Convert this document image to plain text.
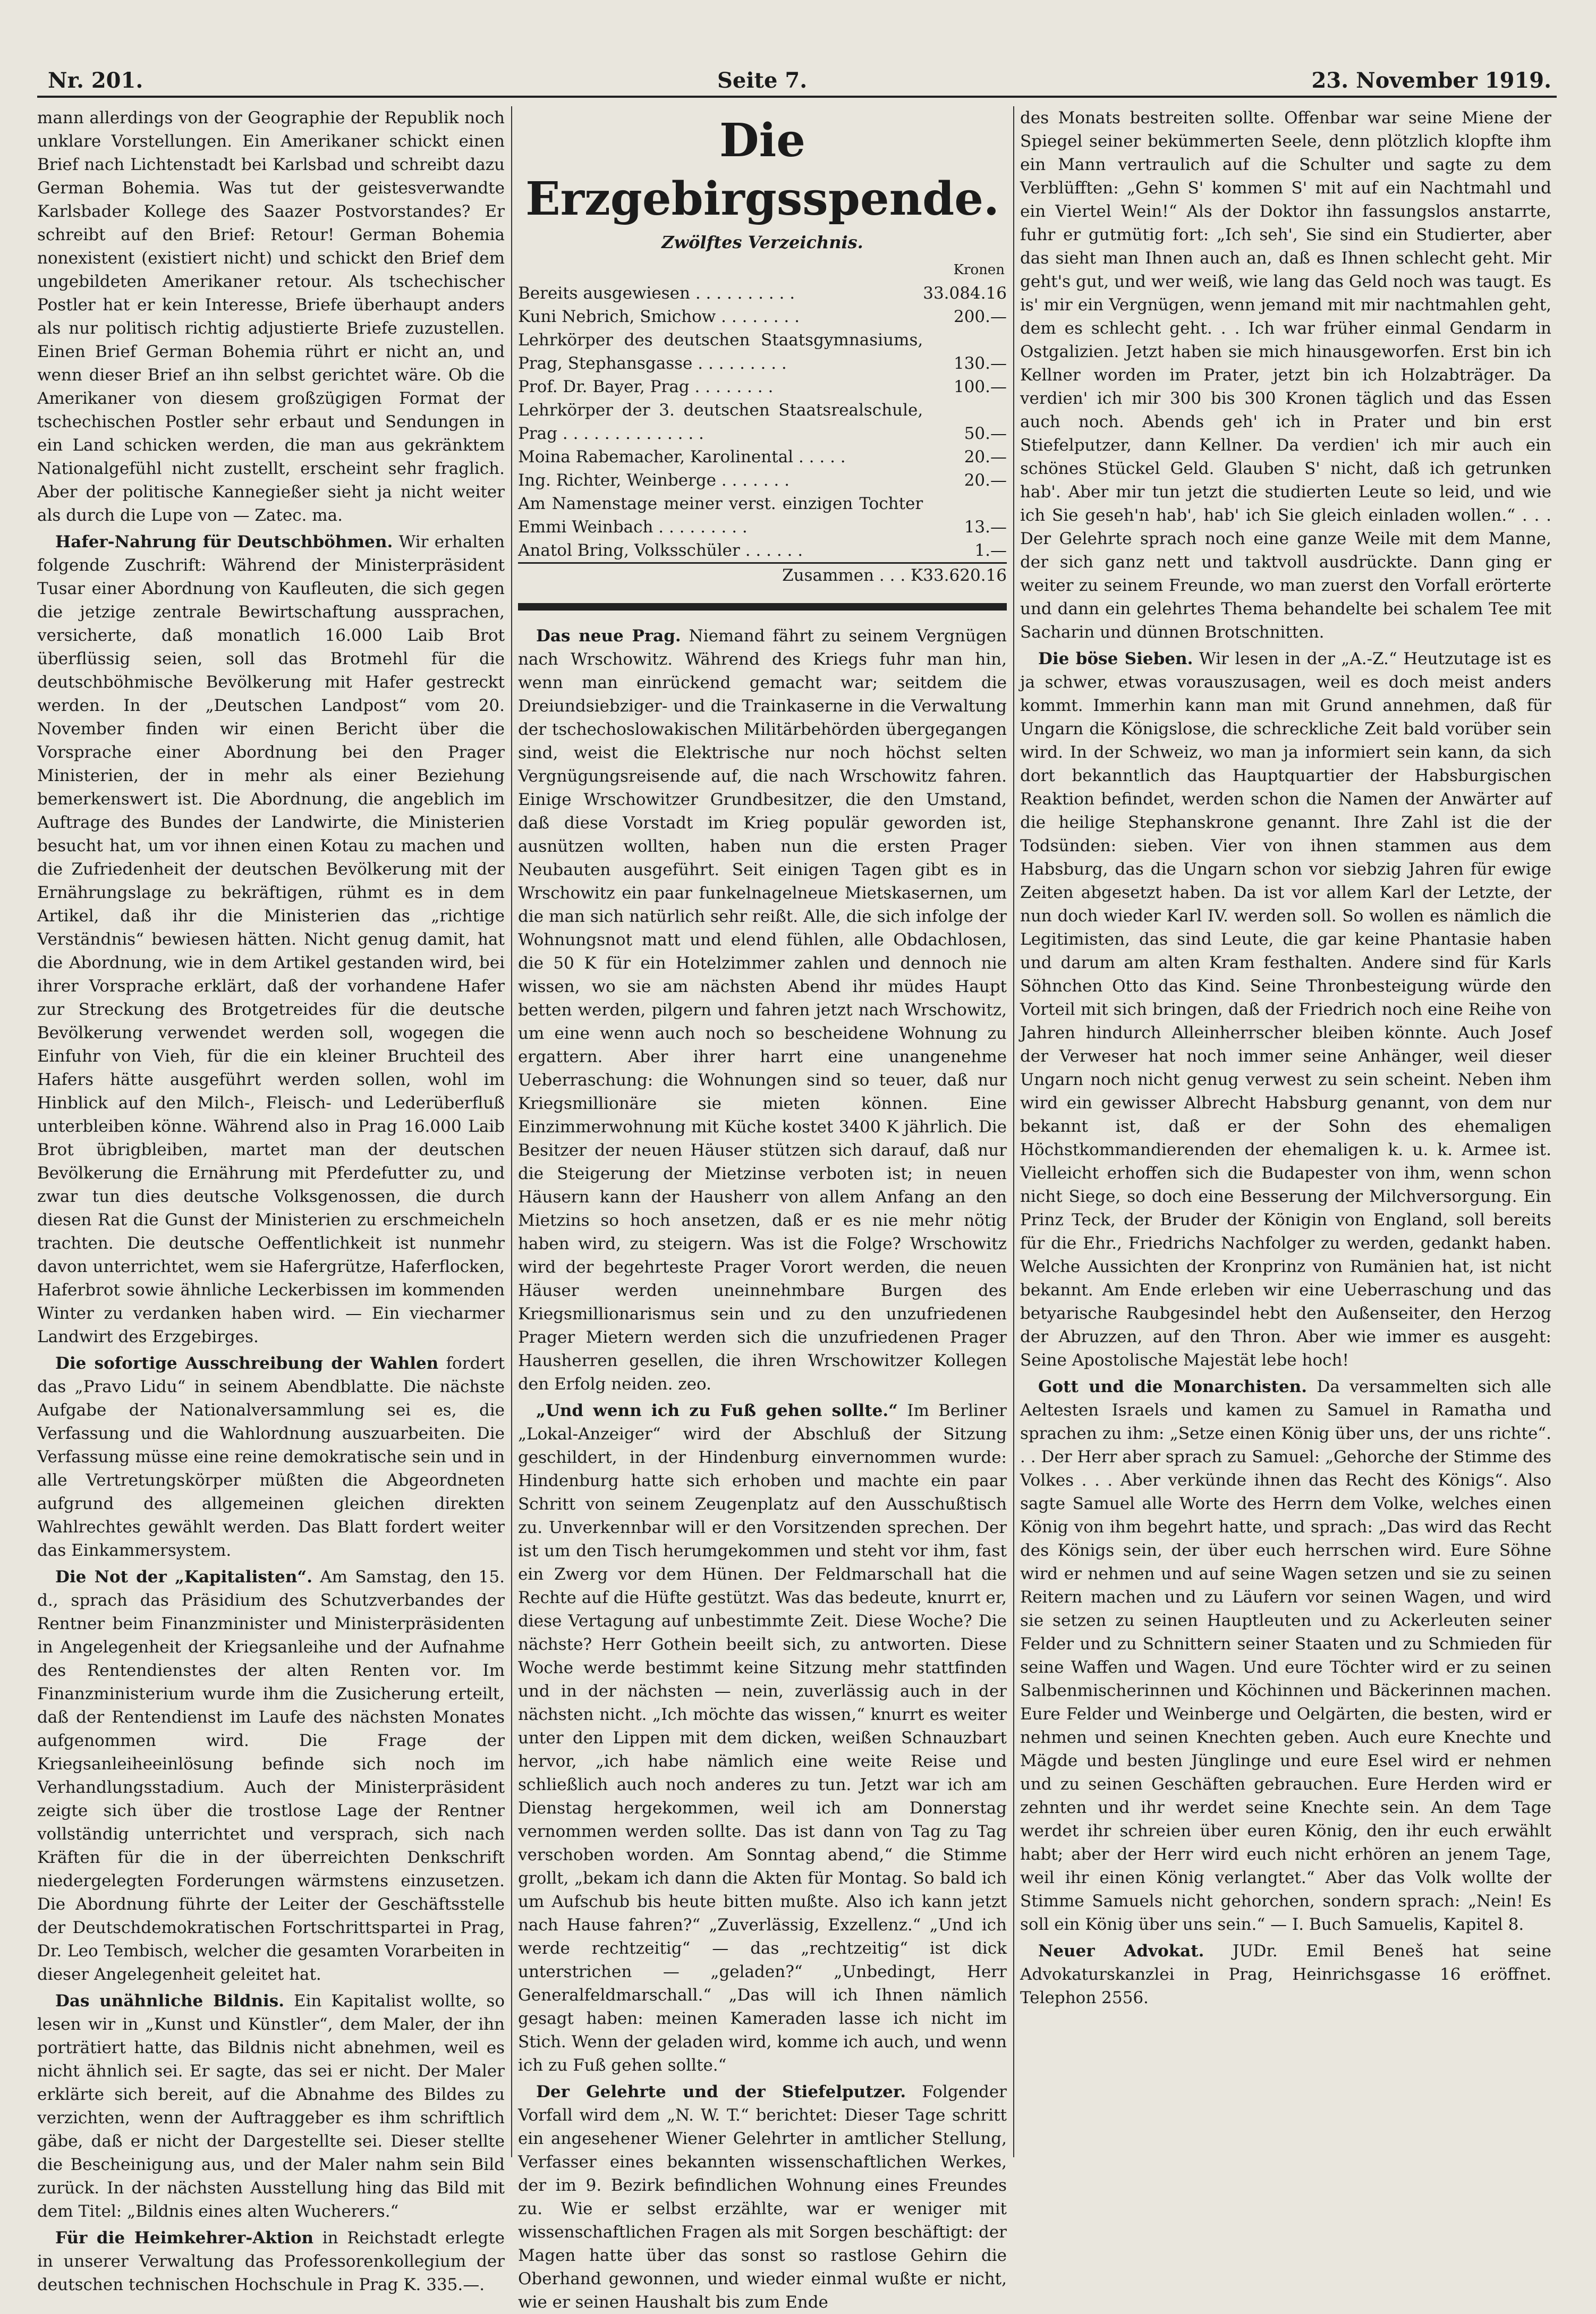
Nr. 201.	Seite 7.	23. November 1919.

mann allerdings von der Geographie der Republik noch unklare Vorstellungen. Ein Amerikaner schickt einen Brief nach Lichtenstadt bei Karlsbad und schreibt dazu German Bohemia. Was tut der geistesverwandte Karlsbader Kollege des Saazer Postvorstandes? Er schreibt auf den Brief: Retour! German Bohemia nonexistent (existiert nicht) und schickt den Brief dem ungebildeten Amerikaner retour. Als tschechischer Postler hat er kein Interesse, Briefe überhaupt anders als nur politisch richtig adjustierte Briefe zuzustellen. Einen Brief German Bohemia rührt er nicht an, und wenn dieser Brief an ihn selbst gerichtet wäre. Ob die Amerikaner von diesem großzügigen Format der tschechischen Postler sehr erbaut und Sendungen in ein Land schicken werden, die man aus gekränktem Nationalgefühl nicht zustellt, erscheint sehr fraglich. Aber der politische Kannegießer sieht ja nicht weiter als durch die Lupe von — Zatec. ma.

Hafer-Nahrung für Deutschböhmen. Wir erhalten folgende Zuschrift: Während der Ministerpräsident Tusar einer Abordnung von Kaufleuten, die sich gegen die jetzige zentrale Bewirtschaftung aussprachen, versicherte, daß monatlich 16.000 Laib Brot überflüssig seien, soll das Brotmehl für die deutschböhmische Bevölkerung mit Hafer gestreckt werden. In der „Deutschen Landpost“ vom 20. November finden wir einen Bericht über die Vorsprache einer Abordnung bei den Prager Ministerien, der in mehr als einer Beziehung bemerkenswert ist. Die Abordnung, die angeblich im Auftrage des Bundes der Landwirte, die Ministerien besucht hat, um vor ihnen einen Kotau zu machen und die Zufriedenheit der deutschen Bevölkerung mit der Ernährungslage zu bekräftigen, rühmt es in dem Artikel, daß ihr die Ministerien das „richtige Verständnis“ bewiesen hätten. Nicht genug damit, hat die Abordnung, wie in dem Artikel gestanden wird, bei ihrer Vorsprache erklärt, daß der vorhandene Hafer zur Streckung des Brotgetreides für die deutsche Bevölkerung verwendet werden soll, wogegen die Einfuhr von Vieh, für die ein kleiner Bruchteil des Hafers hätte ausgeführt werden sollen, wohl im Hinblick auf den Milch-, Fleisch- und Lederüberfluß unterbleiben könne. Während also in Prag 16.000 Laib Brot übrigbleiben, martet man der deutschen Bevölkerung die Ernährung mit Pferdefutter zu, und zwar tun dies deutsche Volksgenossen, die durch diesen Rat die Gunst der Ministerien zu erschmeicheln trachten. Die deutsche Oeffentlichkeit ist nunmehr davon unterrichtet, wem sie Hafergrütze, Haferflocken, Haferbrot sowie ähnliche Leckerbissen im kommenden Winter zu verdanken haben wird. — Ein viecharmer Landwirt des Erzgebirges.

Die sofortige Ausschreibung der Wahlen fordert das „Pravo Lidu“ in seinem Abendblatte. Die nächste Aufgabe der Nationalversammlung sei es, die Verfassung und die Wahlordnung auszuarbeiten. Die Verfassung müsse eine reine demokratische sein und in alle Vertretungskörper müßten die Abgeordneten aufgrund des allgemeinen gleichen direkten Wahlrechtes gewählt werden. Das Blatt fordert weiter das Einkammersystem.

Die Not der „Kapitalisten“. Am Samstag, den 15. d., sprach das Präsidium des Schutzverbandes der Rentner beim Finanzminister und Ministerpräsidenten in Angelegenheit der Kriegsanleihe und der Aufnahme des Rentendienstes der alten Renten vor. Im Finanzministerium wurde ihm die Zusicherung erteilt, daß der Rentendienst im Laufe des nächsten Monates aufgenommen wird. Die Frage der Kriegsanleiheeinlösung befinde sich noch im Verhandlungsstadium. Auch der Ministerpräsident zeigte sich über die trostlose Lage der Rentner vollständig unterrichtet und versprach, sich nach Kräften für die in der überreichten Denkschrift niedergelegten Forderungen wärmstens einzusetzen. Die Abordnung führte der Leiter der Geschäftsstelle der Deutschdemokratischen Fortschrittspartei in Prag, Dr. Leo Tembisch, welcher die gesamten Vorarbeiten in dieser Angelegenheit geleitet hat.

Das unähnliche Bildnis. Ein Kapitalist wollte, so lesen wir in „Kunst und Künstler“, dem Maler, der ihn porträtiert hatte, das Bildnis nicht abnehmen, weil es nicht ähnlich sei. Er sagte, das sei er nicht. Der Maler erklärte sich bereit, auf die Abnahme des Bildes zu verzichten, wenn der Auftraggeber es ihm schriftlich gäbe, daß er nicht der Dargestellte sei. Dieser stellte die Bescheinigung aus, und der Maler nahm sein Bild zurück. In der nächsten Ausstellung hing das Bild mit dem Titel: „Bildnis eines alten Wucherers.“

Für die Heimkehrer-Aktion in Reichstadt erlegte in unserer Verwaltung das Professorenkollegium der deutschen technischen Hochschule in Prag K. 335.—.

Die Erzgebirgsspende.
Zwölftes Verzeichnis.
Kronen
Bereits ausgewiesen . . . . . . . . . .	33.084.16
Kuni Nebrich, Smichow . . . . . . . .	200.—
Lehrkörper des deutschen Staatsgymnasiums, Prag, Stephansgasse . . . . . . . . .	130.—
Prof. Dr. Bayer, Prag . . . . . . . .	100.—
Lehrkörper der 3. deutschen Staatsrealschule, Prag . . . . . . . . . . . . . .	50.—
Moina Rabemacher, Karolinental . . . . .	20.—
Ing. Richter, Weinberge . . . . . . .	20.—
Am Namenstage meiner verst. einzigen Tochter Emmi Weinbach . . . . . . . . .	13.—
Anatol Bring, Volksschüler . . . . . .	1.—
Zusammen . . . K	33.620.16

Das neue Prag. Niemand fährt zu seinem Vergnügen nach Wrschowitz. Während des Kriegs fuhr man hin, wenn man einrückend gemacht war; seitdem die Dreiundsiebziger- und die Trainkaserne in die Verwaltung der tschechoslowakischen Militärbehörden übergegangen sind, weist die Elektrische nur noch höchst selten Vergnügungsreisende auf, die nach Wrschowitz fahren. Einige Wrschowitzer Grundbesitzer, die den Umstand, daß diese Vorstadt im Krieg populär geworden ist, ausnützen wollten, haben nun die ersten Prager Neubauten ausgeführt. Seit einigen Tagen gibt es in Wrschowitz ein paar funkelnagelneue Mietskasernen, um die man sich natürlich sehr reißt. Alle, die sich infolge der Wohnungsnot matt und elend fühlen, alle Obdachlosen, die 50 K für ein Hotelzimmer zahlen und dennoch nie wissen, wo sie am nächsten Abend ihr müdes Haupt betten werden, pilgern und fahren jetzt nach Wrschowitz, um eine wenn auch noch so bescheidene Wohnung zu ergattern. Aber ihrer harrt eine unangenehme Ueberraschung: die Wohnungen sind so teuer, daß nur Kriegsmillionäre sie mieten können. Eine Einzimmerwohnung mit Küche kostet 3400 K jährlich. Die Besitzer der neuen Häuser stützen sich darauf, daß nur die Steigerung der Mietzinse verboten ist; in neuen Häusern kann der Hausherr von allem Anfang an den Mietzins so hoch ansetzen, daß er es nie mehr nötig haben wird, zu steigern. Was ist die Folge? Wrschowitz wird der begehrteste Prager Vorort werden, die neuen Häuser werden uneinnehmbare Burgen des Kriegsmillionarismus sein und zu den unzufriedenen Prager Mietern werden sich die unzufriedenen Prager Hausherren gesellen, die ihren Wrschowitzer Kollegen den Erfolg neiden. zeo.

„Und wenn ich zu Fuß gehen sollte.“ Im Berliner „Lokal-Anzeiger“ wird der Abschluß der Sitzung geschildert, in der Hindenburg einvernommen wurde: Hindenburg hatte sich erhoben und machte ein paar Schritt von seinem Zeugenplatz auf den Ausschußtisch zu. Unverkennbar will er den Vorsitzenden sprechen. Der ist um den Tisch herumgekommen und steht vor ihm, fast ein Zwerg vor dem Hünen. Der Feldmarschall hat die Rechte auf die Hüfte gestützt. Was das bedeute, knurrt er, diese Vertagung auf unbestimmte Zeit. Diese Woche? Die nächste? Herr Gothein beeilt sich, zu antworten. Diese Woche werde bestimmt keine Sitzung mehr stattfinden und in der nächsten — nein, zuverlässig auch in der nächsten nicht. „Ich möchte das wissen,“ knurrt es weiter unter den Lippen mit dem dicken, weißen Schnauzbart hervor, „ich habe nämlich eine weite Reise und schließlich auch noch anderes zu tun. Jetzt war ich am Dienstag hergekommen, weil ich am Donnerstag vernommen werden sollte. Das ist dann von Tag zu Tag verschoben worden. Am Sonntag abend,“ die Stimme grollt, „bekam ich dann die Akten für Montag. So bald ich um Aufschub bis heute bitten mußte. Also ich kann jetzt nach Hause fahren?“ „Zuverlässig, Exzellenz.“ „Und ich werde rechtzeitig“ — das „rechtzeitig“ ist dick unterstrichen — „geladen?“ „Unbedingt, Herr Generalfeldmarschall.“ „Das will ich Ihnen nämlich gesagt haben: meinen Kameraden lasse ich nicht im Stich. Wenn der geladen wird, komme ich auch, und wenn ich zu Fuß gehen sollte.“

Der Gelehrte und der Stiefelputzer. Folgender Vorfall wird dem „N. W. T.“ berichtet: Dieser Tage schritt ein angesehener Wiener Gelehrter in amtlicher Stellung, Verfasser eines bekannten wissenschaftlichen Werkes, der im 9. Bezirk befindlichen Wohnung eines Freundes zu. Wie er selbst erzählte, war er weniger mit wissenschaftlichen Fragen als mit Sorgen beschäftigt: der Magen hatte über das sonst so rastlose Gehirn die Oberhand gewonnen, und wieder einmal wußte er nicht, wie er seinen Haushalt bis zum Ende

des Monats bestreiten sollte. Offenbar war seine Miene der Spiegel seiner bekümmerten Seele, denn plötzlich klopfte ihm ein Mann vertraulich auf die Schulter und sagte zu dem Verblüfften: „Gehn S' kommen S' mit auf ein Nachtmahl und ein Viertel Wein!“ Als der Doktor ihn fassungslos anstarrte, fuhr er gutmütig fort: „Ich seh', Sie sind ein Studierter, aber das sieht man Ihnen auch an, daß es Ihnen schlecht geht. Mir geht's gut, und wer weiß, wie lang das Geld noch was taugt. Es is' mir ein Vergnügen, wenn jemand mit mir nachtmahlen geht, dem es schlecht geht. . . Ich war früher einmal Gendarm in Ostgalizien. Jetzt haben sie mich hinausgeworfen. Erst bin ich Kellner worden im Prater, jetzt bin ich Holzabträger. Da verdien' ich mir 300 bis 300 Kronen täglich und das Essen auch noch. Abends geh' ich in Prater und bin erst Stiefelputzer, dann Kellner. Da verdien' ich mir auch ein schönes Stückel Geld. Glauben S' nicht, daß ich getrunken hab'. Aber mir tun jetzt die studierten Leute so leid, und wie ich Sie geseh'n hab', hab' ich Sie gleich einladen wollen.“ . . . Der Gelehrte sprach noch eine ganze Weile mit dem Manne, der sich ganz nett und taktvoll ausdrückte. Dann ging er weiter zu seinem Freunde, wo man zuerst den Vorfall erörterte und dann ein gelehrtes Thema behandelte bei schalem Tee mit Sacharin und dünnen Brotschnitten.

Die böse Sieben. Wir lesen in der „A.-Z.“ Heutzutage ist es ja schwer, etwas vorauszusagen, weil es doch meist anders kommt. Immerhin kann man mit Grund annehmen, daß für Ungarn die Königslose, die schreckliche Zeit bald vorüber sein wird. In der Schweiz, wo man ja informiert sein kann, da sich dort bekanntlich das Hauptquartier der Habsburgischen Reaktion befindet, werden schon die Namen der Anwärter auf die heilige Stephanskrone genannt. Ihre Zahl ist die der Todsünden: sieben. Vier von ihnen stammen aus dem Habsburg, das die Ungarn schon vor siebzig Jahren für ewige Zeiten abgesetzt haben. Da ist vor allem Karl der Letzte, der nun doch wieder Karl IV. werden soll. So wollen es nämlich die Legitimisten, das sind Leute, die gar keine Phantasie haben und darum am alten Kram festhalten. Andere sind für Karls Söhnchen Otto das Kind. Seine Thronbesteigung würde den Vorteil mit sich bringen, daß der Friedrich noch eine Reihe von Jahren hindurch Alleinherrscher bleiben könnte. Auch Josef der Verweser hat noch immer seine Anhänger, weil dieser Ungarn noch nicht genug verwest zu sein scheint. Neben ihm wird ein gewisser Albrecht Habsburg genannt, von dem nur bekannt ist, daß er der Sohn des ehemaligen Höchstkommandierenden der ehemaligen k. u. k. Armee ist. Vielleicht erhoffen sich die Budapester von ihm, wenn schon nicht Siege, so doch eine Besserung der Milchversorgung. Ein Prinz Teck, der Bruder der Königin von England, soll bereits für die Ehr., Friedrichs Nachfolger zu werden, gedankt haben. Welche Aussichten der Kronprinz von Rumänien hat, ist nicht bekannt. Am Ende erleben wir eine Ueberraschung und das betyarische Raubgesindel hebt den Außenseiter, den Herzog der Abruzzen, auf den Thron. Aber wie immer es ausgeht: Seine Apostolische Majestät lebe hoch!

Gott und die Monarchisten. Da versammelten sich alle Aeltesten Israels und kamen zu Samuel in Ramatha und sprachen zu ihm: „Setze einen König über uns, der uns richte“. . . Der Herr aber sprach zu Samuel: „Gehorche der Stimme des Volkes . . . Aber verkünde ihnen das Recht des Königs“. Also sagte Samuel alle Worte des Herrn dem Volke, welches einen König von ihm begehrt hatte, und sprach: „Das wird das Recht des Königs sein, der über euch herrschen wird. Eure Söhne wird er nehmen und auf seine Wagen setzen und sie zu seinen Reitern machen und zu Läufern vor seinen Wagen, und wird sie setzen zu seinen Hauptleuten und zu Ackerleuten seiner Felder und zu Schnittern seiner Staaten und zu Schmieden für seine Waffen und Wagen. Und eure Töchter wird er zu seinen Salbenmischerinnen und Köchinnen und Bäckerinnen machen. Eure Felder und Weinberge und Oelgärten, die besten, wird er nehmen und seinen Knechten geben. Auch eure Knechte und Mägde und besten Jünglinge und eure Esel wird er nehmen und zu seinen Geschäften gebrauchen. Eure Herden wird er zehnten und ihr werdet seine Knechte sein. An dem Tage werdet ihr schreien über euren König, den ihr euch erwählt habt; aber der Herr wird euch nicht erhören an jenem Tage, weil ihr einen König verlangtet.“ Aber das Volk wollte der Stimme Samuels nicht gehorchen, sondern sprach: „Nein! Es soll ein König über uns sein.“ — I. Buch Samuelis, Kapitel 8.

Neuer Advokat. JUDr. Emil Beneš hat seine Advokaturskanzlei in Prag, Heinrichsgasse 16 eröffnet. Telephon 2556.
